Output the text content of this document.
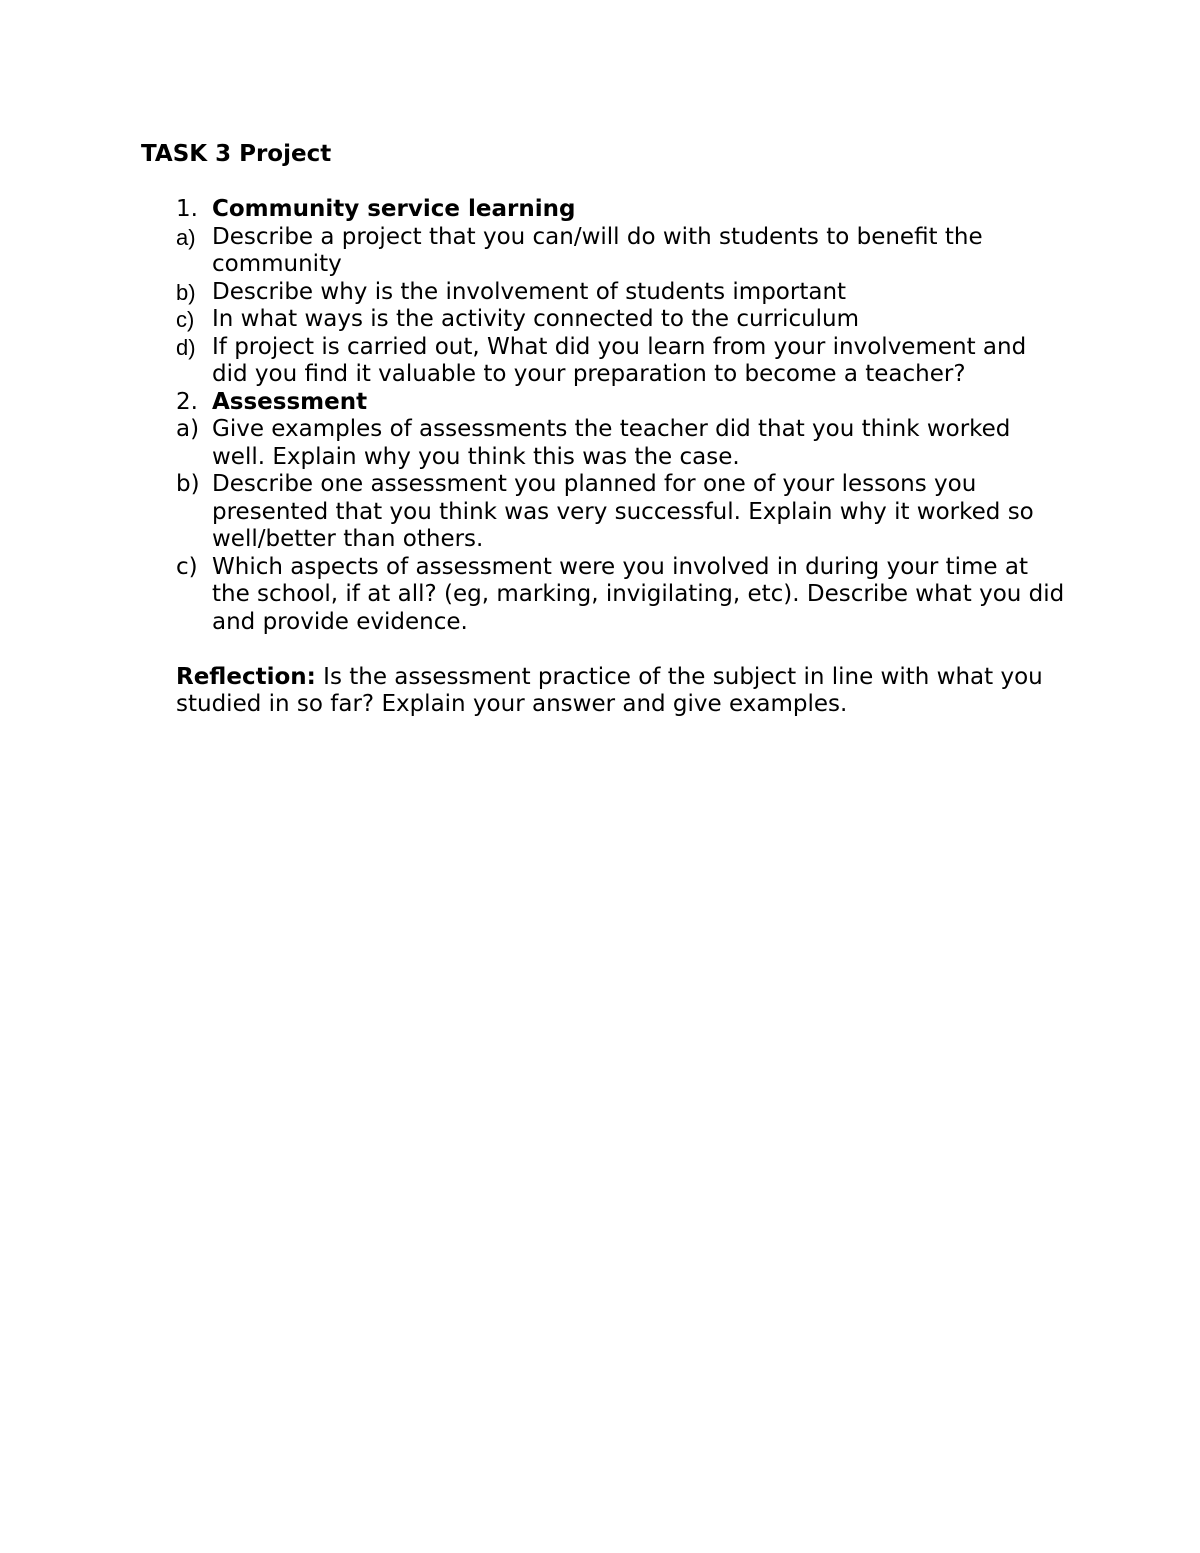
TASK 3 Project
1. Community service learning
a) Describe a project that you can/will do with students to benefit the community
b) Describe why is the involvement of students important
c) In what ways is the activity connected to the curriculum
d) If project is carried out, What did you learn from your involvement and did you find it valuable to your preparation to become a teacher?
2. Assessment
a) Give examples of assessments the teacher did that you think worked well. Explain why you think this was the case.
b) Describe one assessment you planned for one of your lessons you presented that you think was very successful. Explain why it worked so well/better than others.
c) Which aspects of assessment were you involved in during your time at the school, if at all? (eg, marking, invigilating, etc). Describe what you did and provide evidence.
Reflection: Is the assessment practice of the subject in line with what you studied in so far? Explain your answer and give examples.
